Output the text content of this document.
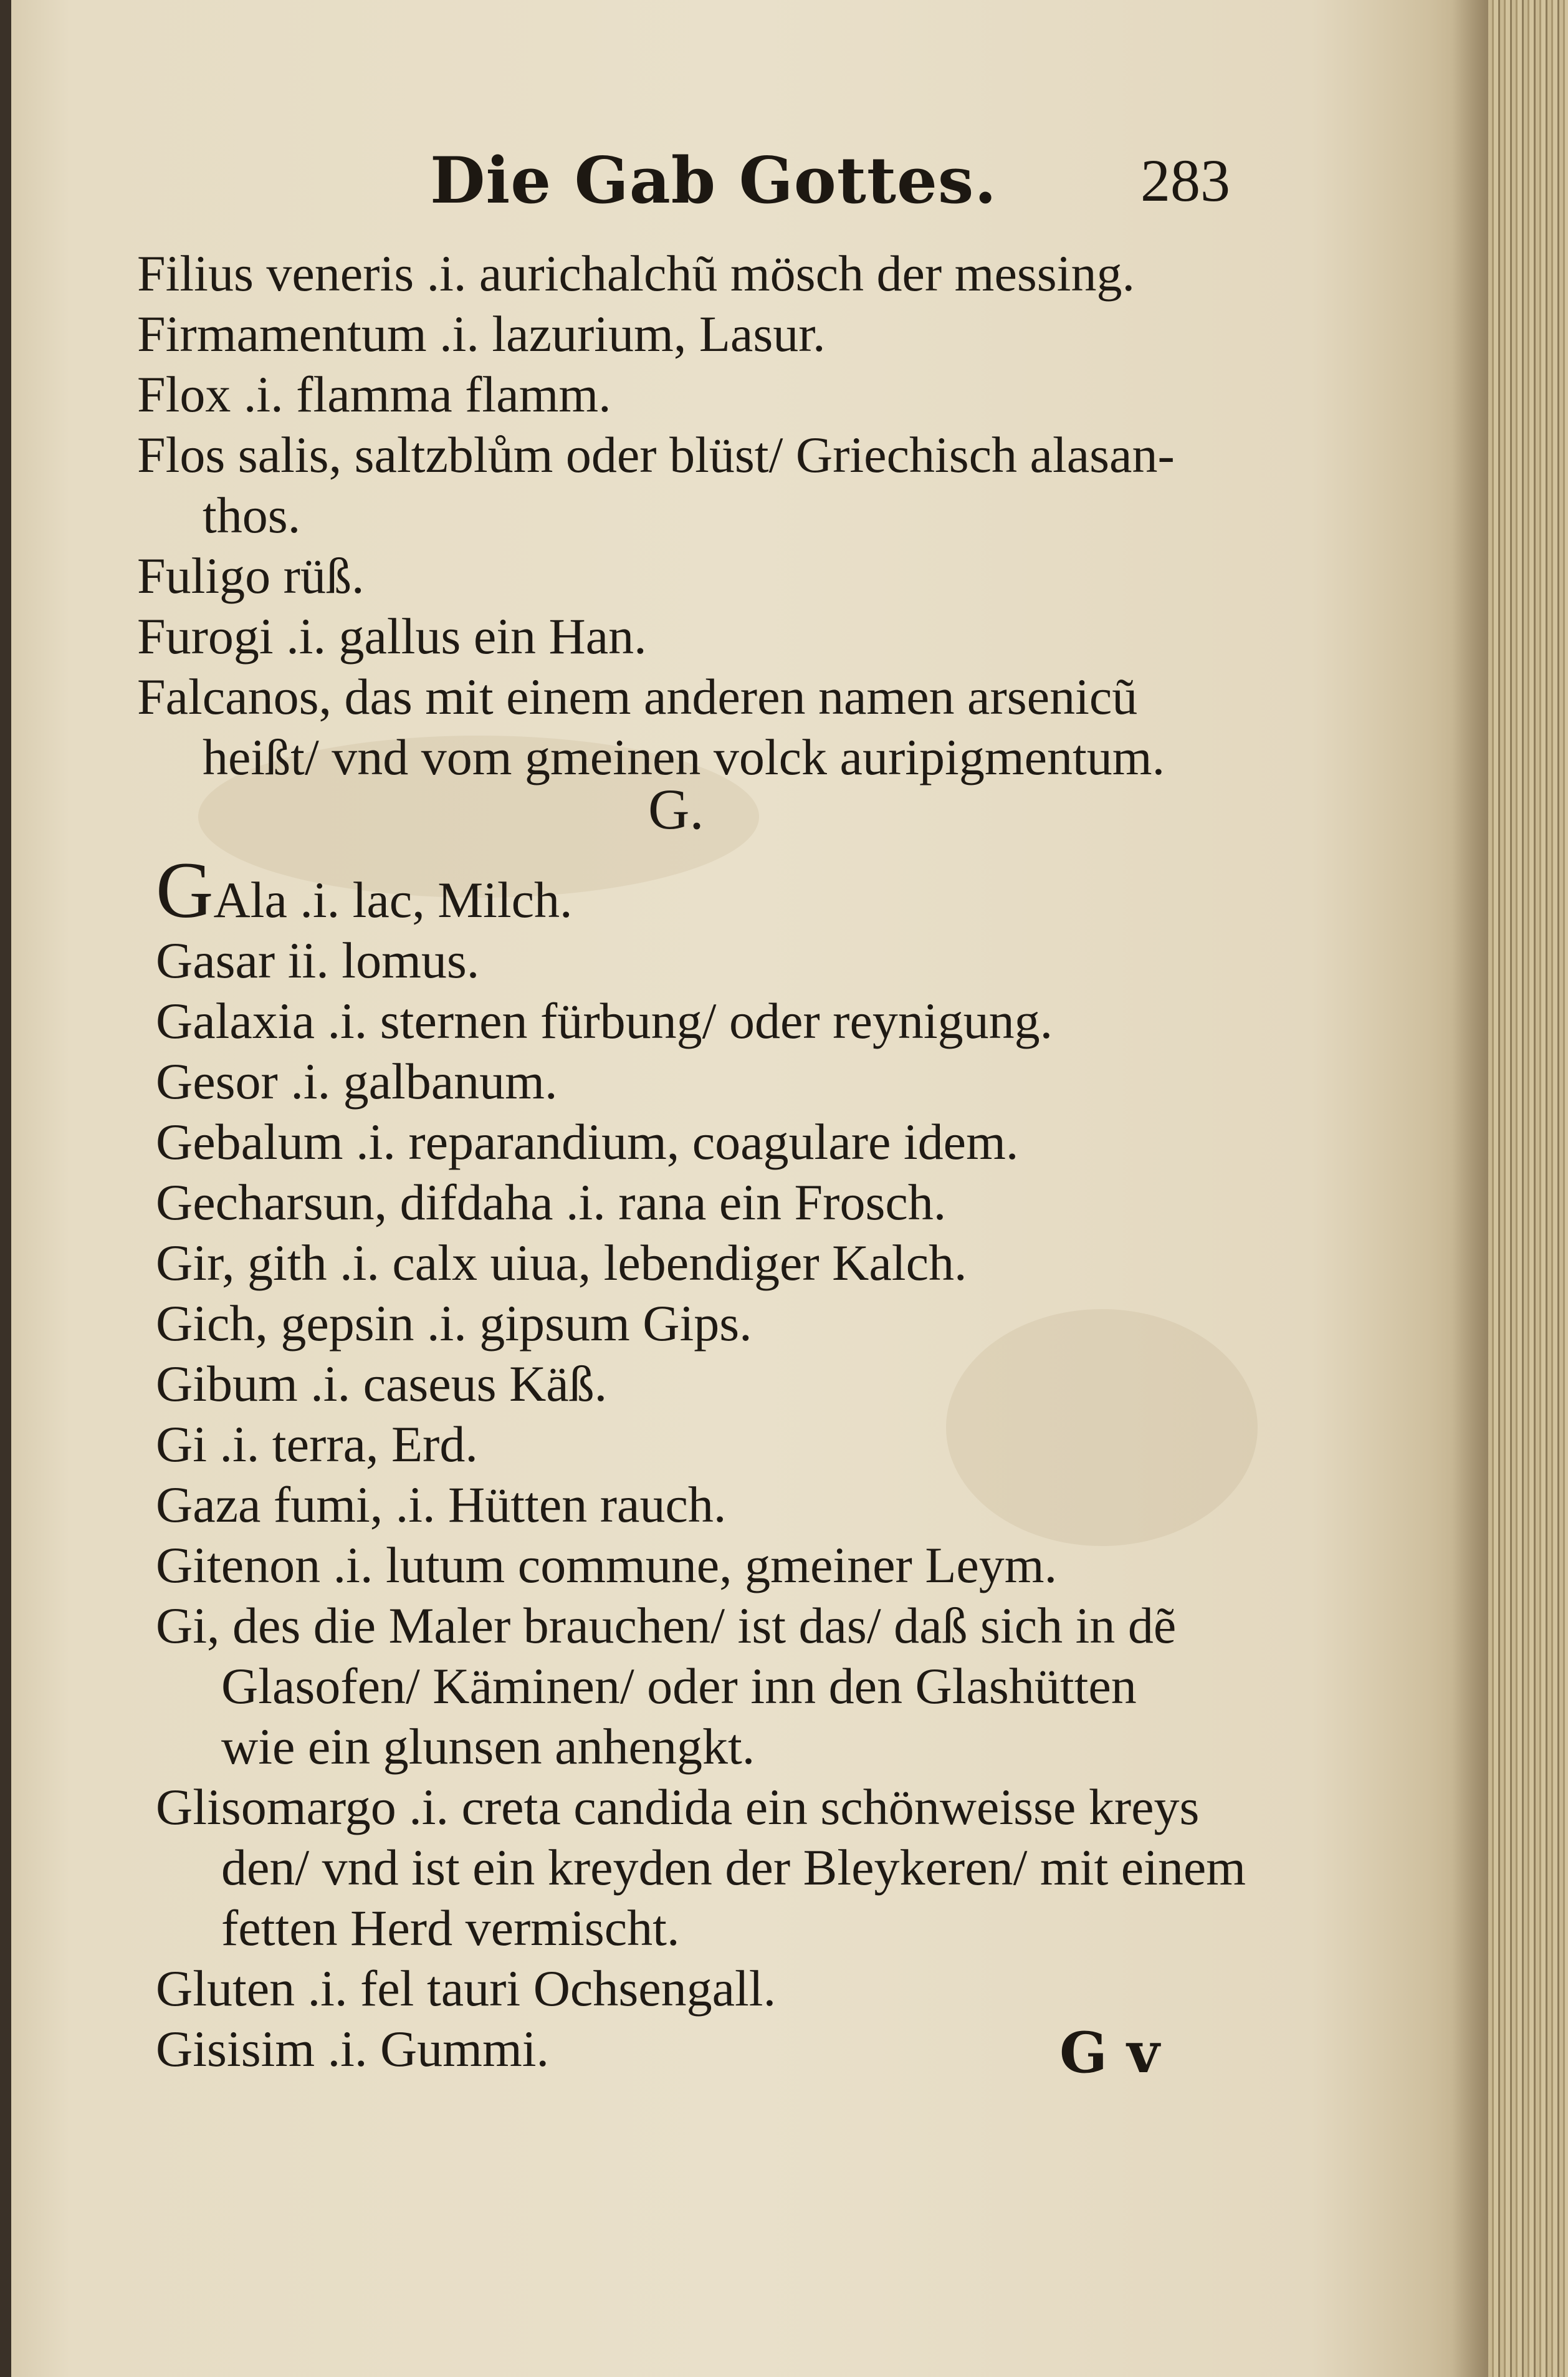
Die Gab Gottes. 283
Filius veneris .i. aurichalchũ mösch der messing.
Firmamentum .i. lazurium, Lasur.
Flox .i. flamma flamm.
Flos salis, saltzblům oder blüst/ Griechisch alasan-
thos.
Fuligo rüß.
Furogi .i. gallus ein Han.
Falcanos, das mit einem anderen namen arsenicũ
heißt/ vnd vom gmeinen volck auripigmentum.
G.
GAla .i. lac, Milch.
Gasar ii. lomus.
Galaxia .i. sternen fürbung/ oder reynigung.
Gesor .i. galbanum.
Gebalum .i. reparandium, coagulare idem.
Gecharsun, difdaha .i. rana ein Frosch.
Gir, gith .i. calx uiua, lebendiger Kalch.
Gich, gepsin .i. gipsum Gips.
Gibum .i. caseus Käß.
Gi .i. terra, Erd.
Gaza fumi, .i. Hütten rauch.
Gitenon .i. lutum commune, gmeiner Leym.
Gi, des die Maler brauchen/ ist das/ daß sich in dẽ
Glasofen/ Käminen/ oder inn den Glashütten
wie ein glunsen anhengkt.
Glisomargo .i. creta candida ein schönweisse kreys
den/ vnd ist ein kreyden der Bleykeren/ mit einem
fetten Herd vermischt.
Gluten .i. fel tauri Ochsengall.
Gisisim .i. Gummi.	G v
